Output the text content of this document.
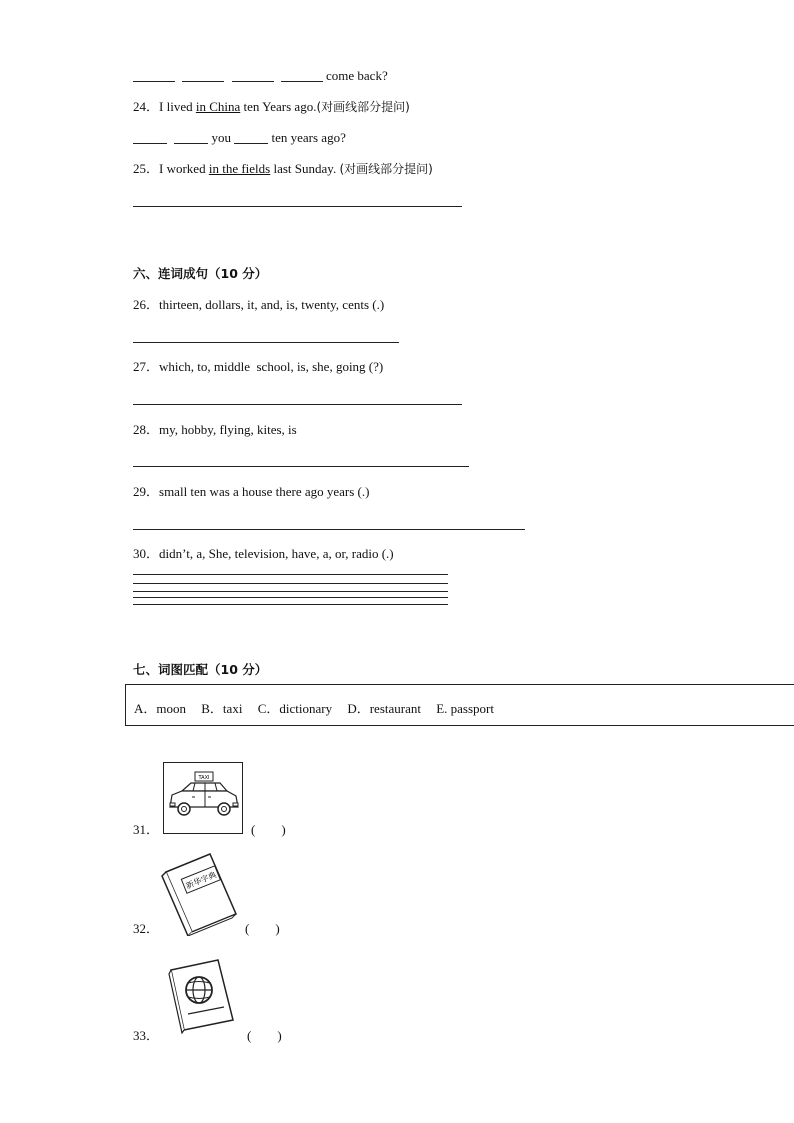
come back?
24．I lived in China ten Years ago.(对画线部分提问)
you	ten years ago?
25．I worked in the fields last Sunday. (对画线部分提问)
六、连词成句（10 分）
26．thirteen, dollars, it, and, is, twenty, cents (.)
27．which, to, middle  school, is, she, going (?)
28．my, hobby, flying, kites, is
29．small ten was a house there ago years (.)
30．didn’t, a, She, television, have, a, or, radio (.)
七、词图匹配（10 分）
A．moon B．taxi C．dictionary D．restaurant E. passport
TAXI
31．	(        )
新华字典
32．	(        )
33．	(        )
